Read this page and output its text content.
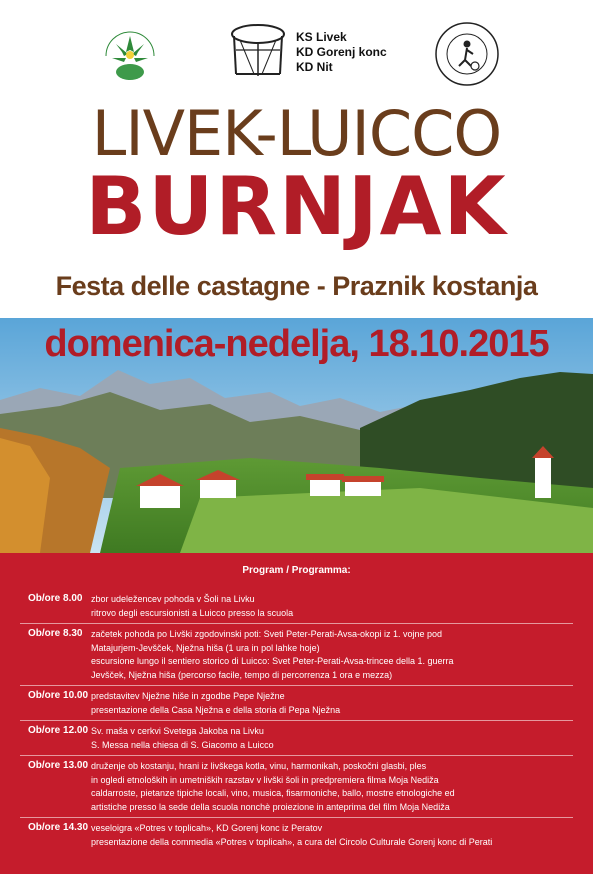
KS Livek
KD Gorenj konc
KD Nit
LIVEK-LUICCO
BURNJAK
Festa delle castagne - Praznik kostanja
domenica-nedelja, 18.10.2015
Program / Programma:
Ob/ore 8.00 zbor udeležencev pohoda v Šoli na Livku
ritrovo degli escursionisti a Luicco presso la scuola
Ob/ore 8.30 začetek pohoda po Livški zgodovinski poti: Sveti Peter-Perati-Avsa-okopi iz 1. vojne pod
Matajurjem-Jevšček, Nježna hiša (1 ura in pol lahke hoje)
escursione lungo il sentiero storico di Luicco: Svet Peter-Perati-Avsa-trincee della 1. guerra
Jevšček, Nježna hiša (percorso facile, tempo di percorrenza 1 ora e mezza)
Ob/ore 10.00 predstavitev Nježne hiše in zgodbe Pepe Nježne
presentazione della Casa Nježna e della storia di Pepa Nježna
Ob/ore 12.00 Sv. maša v cerkvi Svetega Jakoba na Livku
S. Messa nella chiesa di S. Giacomo a Luicco
Ob/ore 13.00 druženje ob kostanju, hrani iz livškega kotla, vinu, harmonikah, poskočni glasbi, ples
in ogledi etnoloških in umetniških razstav v livški šoli in predpremiera filma Moja Nediža
caldarroste, pietanze tipiche locali, vino, musica, fisarmoniche, ballo, mostre etnologiche ed
artistiche presso la sede della scuola nonchè proiezione in anteprima del film Moja Nediža
Ob/ore 14.30 veseloigra «Potres v toplicah», KD Gorenj konc iz Peratov
presentazione della commedia «Potres v toplicah», a cura del Circolo Culturale Gorenj konc di Perati
